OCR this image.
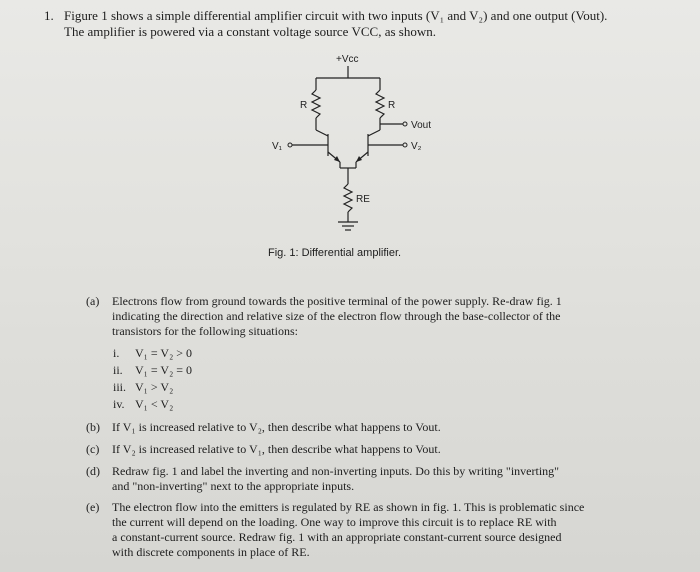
1. Figure 1 shows a simple differential amplifier circuit with two inputs (V₁ and V₂) and one output (Vout).

The amplifier is powered via a constant voltage source VCC, as shown.

+Vcc
R	R
Vout
V₁	V₂
RE
Fig. 1: Differential amplifier.
(a) Electrons flow from ground towards the positive terminal of the power supply. Re-draw fig. 1
indicating the direction and relative size of the electron flow through the base-collector of the
transistors for the following situations:
i. V₁ = V₂ > 0
ii. V₁ = V₂ = 0
iii. V₁ > V₂
iv. V₁ < V₂
(b) If V₁ is increased relative to V₂, then describe what happens to Vout.
(c) If V₂ is increased relative to V₁, then describe what happens to Vout.
(d) Redraw fig. 1 and label the inverting and non-inverting inputs. Do this by writing "inverting"
and "non-inverting" next to the appropriate inputs.
(e) The electron flow into the emitters is regulated by RE as shown in fig. 1. This is problematic since
the current will depend on the loading. One way to improve this circuit is to replace RE with
a constant-current source. Redraw fig. 1 with an appropriate constant-current source designed
with discrete components in place of RE.
